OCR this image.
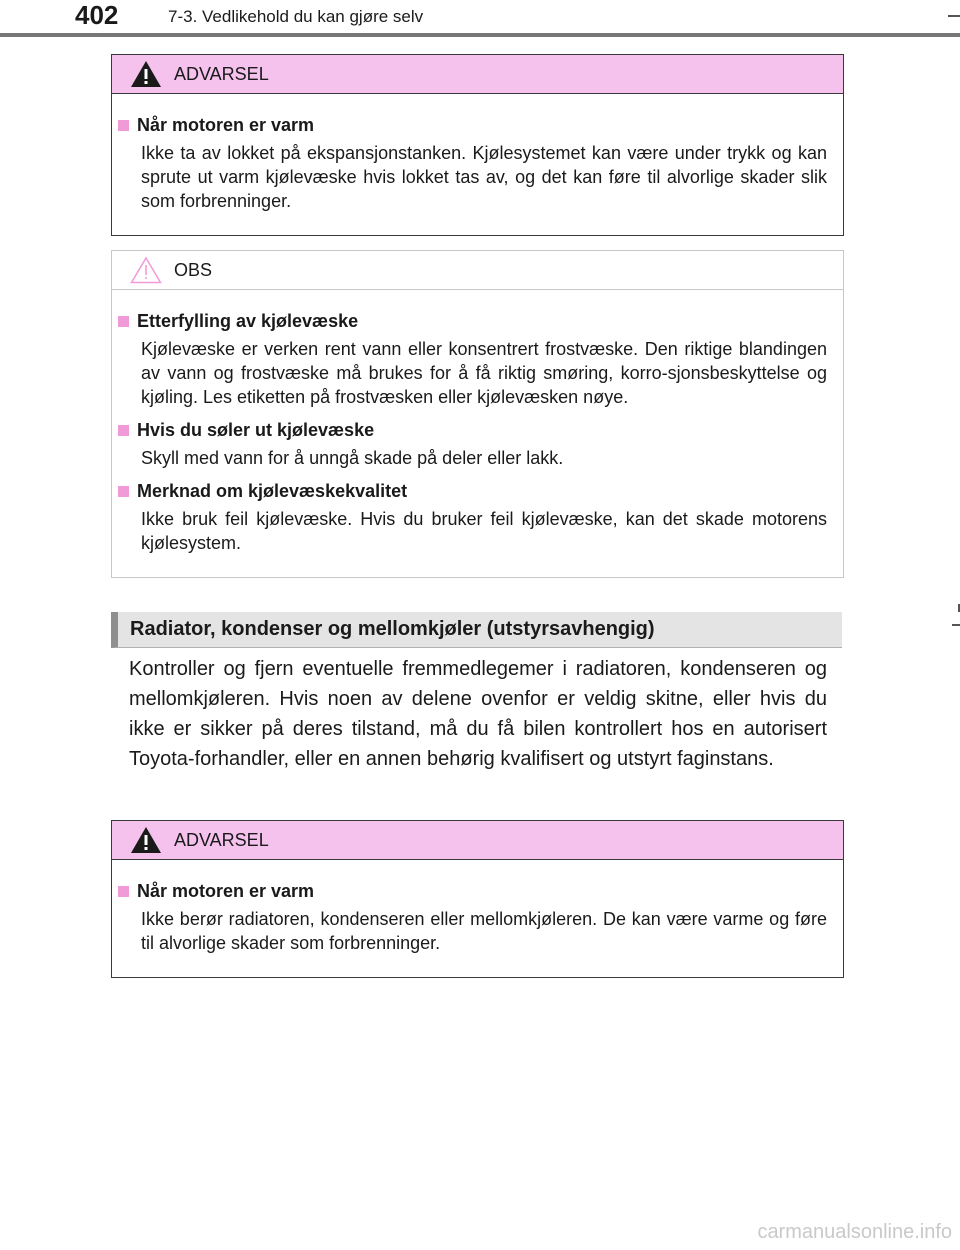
402	7-3. Vedlikehold du kan gjøre selv
ADVARSEL
Når motoren er varm
Ikke ta av lokket på ekspansjonstanken. Kjølesystemet kan være under trykk og kan sprute ut varm kjølevæske hvis lokket tas av, og det kan føre til alvorlige skader slik som forbrenninger.
OBS
Etterfylling av kjølevæske
Kjølevæske er verken rent vann eller konsentrert frostvæske. Den riktige blandingen av vann og frostvæske må brukes for å få riktig smøring, korro-sjonsbeskyttelse og kjøling. Les etiketten på frostvæsken eller kjølevæsken nøye.
Hvis du søler ut kjølevæske
Skyll med vann for å unngå skade på deler eller lakk.
Merknad om kjølevæskekvalitet
Ikke bruk feil kjølevæske. Hvis du bruker feil kjølevæske, kan det skade motorens kjølesystem.
Radiator, kondenser og mellomkjøler (utstyrsavhengig)
Kontroller og fjern eventuelle fremmedlegemer i radiatoren, kondenseren og mellomkjøleren. Hvis noen av delene ovenfor er veldig skitne, eller hvis du ikke er sikker på deres tilstand, må du få bilen kontrollert hos en autorisert Toyota-forhandler, eller en annen behørig kvalifisert og utstyrt faginstans.
ADVARSEL
Når motoren er varm
Ikke berør radiatoren, kondenseren eller mellomkjøleren. De kan være varme og føre til alvorlige skader som forbrenninger.
carmanualsonline.info
